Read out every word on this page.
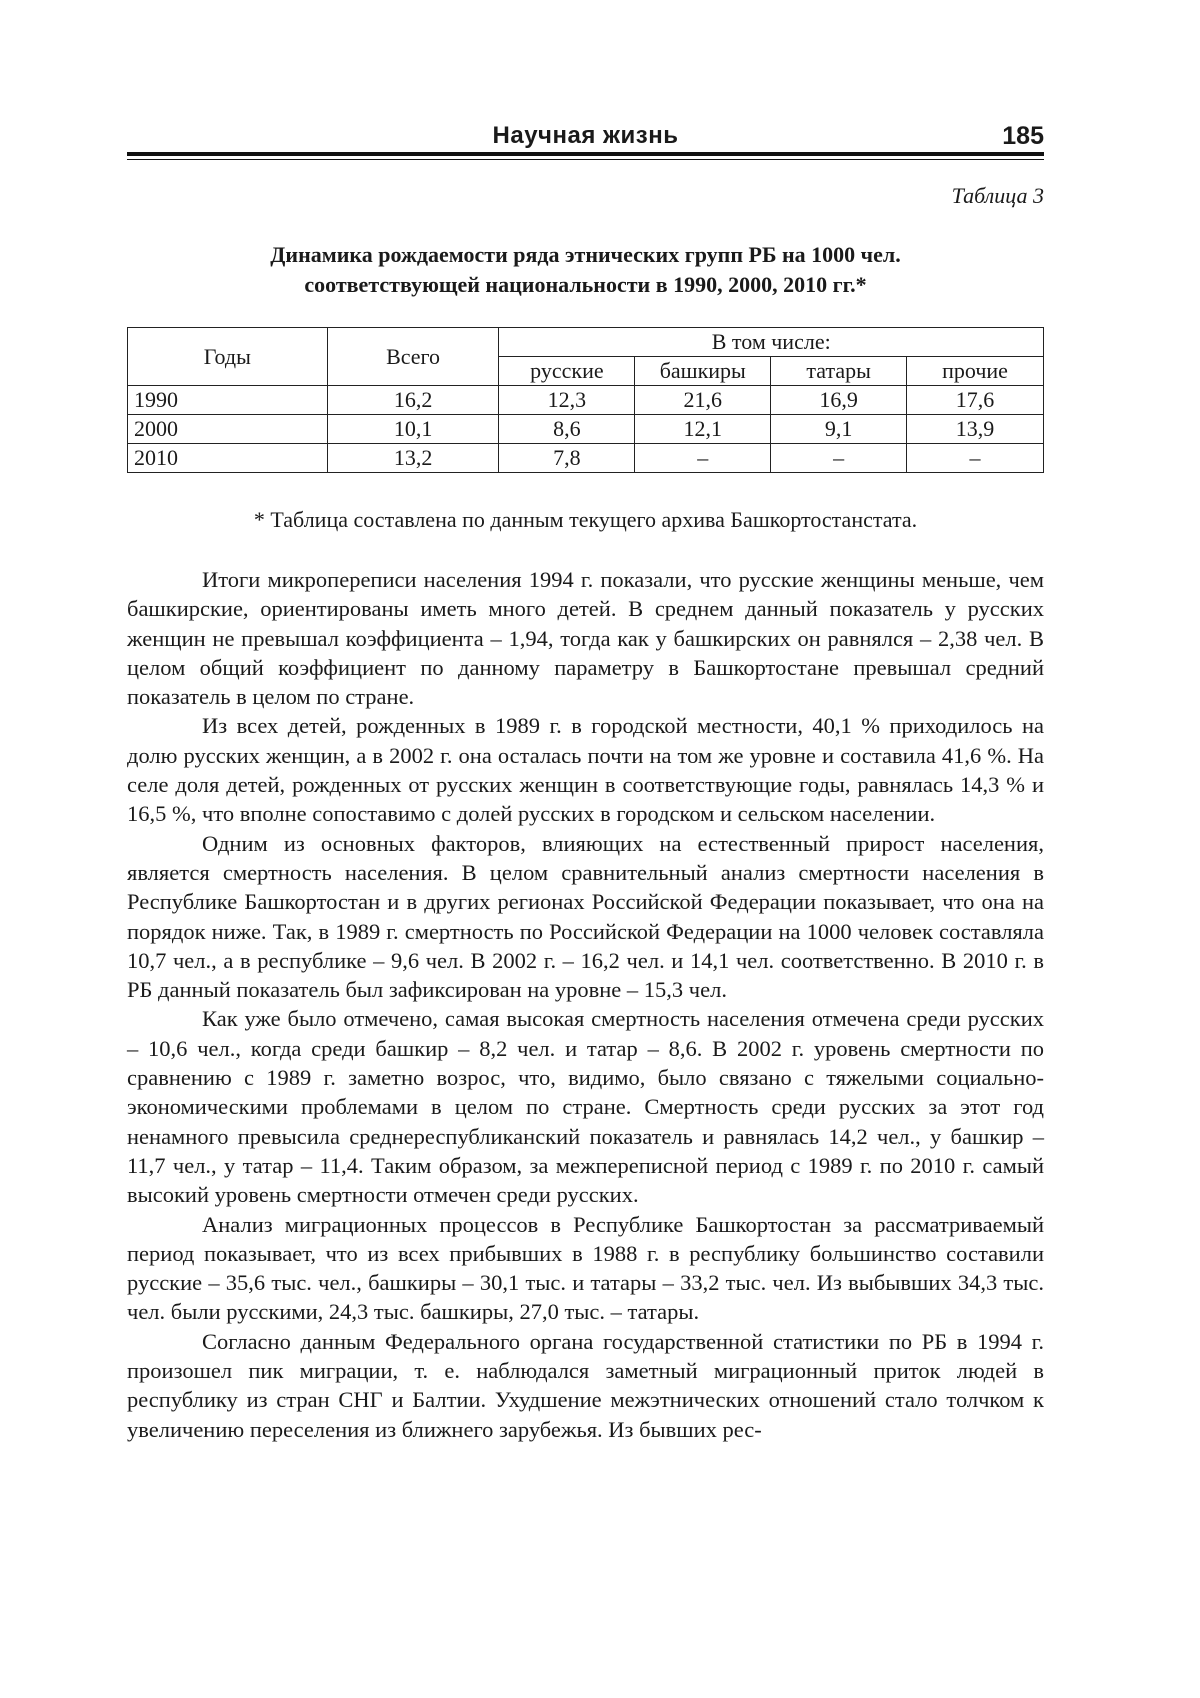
Научная жизнь	185
Таблица 3
Динамика рождаемости ряда этнических групп РБ на 1000 чел.
соответствующей национальности в 1990, 2000, 2010 гг.*
Годы	Всего	В том числе:			
		русские	башкиры	татары	прочие
1990	16,2	12,3	21,6	16,9	17,6
2000	10,1	8,6	12,1	9,1	13,9
2010	13,2	7,8	–	–	–
* Таблица составлена по данным текущего архива Башкортостанстата.

Итоги микропереписи населения 1994 г. показали, что русские женщины меньше, чем башкирские, ориентированы иметь много детей. В среднем данный показатель у русских женщин не превышал коэффициента – 1,94, тогда как у башкирских он равнялся – 2,38 чел. В целом общий коэффициент по данному параметру в Башкортостане превышал средний показатель в целом по стране.

Из всех детей, рожденных в 1989 г. в городской местности, 40,1 % приходилось на долю русских женщин, а в 2002 г. она осталась почти на том же уровне и составила 41,6 %. На селе доля детей, рожденных от русских женщин в соответствующие годы, равнялась 14,3 % и 16,5 %, что вполне сопоставимо с долей русских в городском и сельском населении.

Одним из основных факторов, влияющих на естественный прирост населения, является смертность населения. В целом сравнительный анализ смертности населения в Республике Башкортостан и в других регионах Российской Федерации показывает, что она на порядок ниже. Так, в 1989 г. смертность по Российской Федерации на 1000 человек составляла 10,7 чел., а в республике – 9,6 чел. В 2002 г. – 16,2 чел. и 14,1 чел. соответственно. В 2010 г. в РБ данный показатель был зафиксирован на уровне – 15,3 чел.

Как уже было отмечено, самая высокая смертность населения отмечена среди русских – 10,6 чел., когда среди башкир – 8,2 чел. и татар – 8,6. В 2002 г. уровень смертности по сравнению с 1989 г. заметно возрос, что, видимо, было связано с тяжелыми социально-экономическими проблемами в целом по стране. Смертность среди русских за этот год ненамного превысила среднереспубликанский показатель и равнялась 14,2 чел., у башкир – 11,7 чел., у татар – 11,4. Таким образом, за межпереписной период с 1989 г. по 2010 г. самый высокий уровень смертности отмечен среди русских.

Анализ миграционных процессов в Республике Башкортостан за рассматриваемый период показывает, что из всех прибывших в 1988 г. в республику большинство составили русские – 35,6 тыс. чел., башкиры – 30,1 тыс. и татары – 33,2 тыс. чел. Из выбывших 34,3 тыс. чел. были русскими, 24,3 тыс. башкиры, 27,0 тыс. – татары.

Согласно данным Федерального органа государственной статистики по РБ в 1994 г. произошел пик миграции, т. е. наблюдался заметный миграционный приток людей в республику из стран СНГ и Балтии. Ухудшение межэтнических отношений стало толчком к увеличению переселения из ближнего зарубежья. Из бывших рес-
